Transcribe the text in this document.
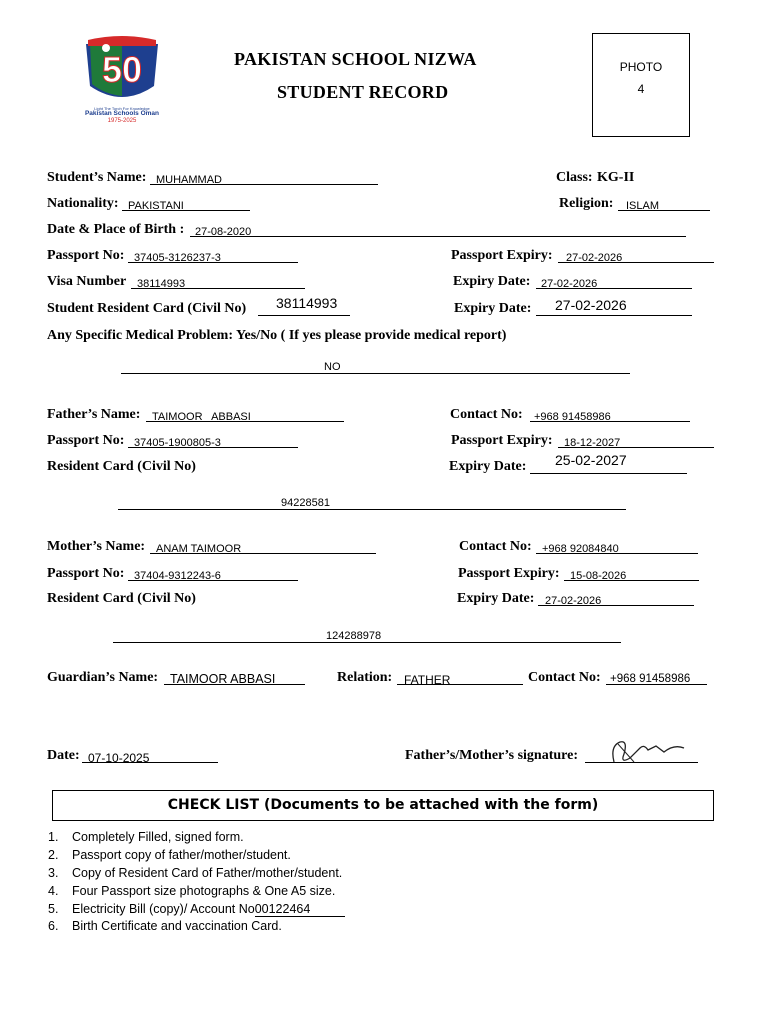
50
Light The Torch For Knowledge
Pakistan Schools Oman
1975-2025
PAKISTAN SCHOOL NIZWA
STUDENT RECORD
PHOTO
4
Student’s Name: MUHAMMAD	Class: KG-II
Nationality: PAKISTANI	Religion: ISLAM
Date & Place of Birth : 27-08-2020
Passport No: 37405-3126237-3	Passport Expiry: 27-02-2026
Visa Number 38114993	Expiry Date: 27-02-2026
Student Resident Card (Civil No) 38114993	Expiry Date: 27-02-2026
Any Specific Medical Problem: Yes/No ( If yes please provide medical report)
NO
Father’s Name: TAIMOOR   ABBASI	Contact No: +968 91458986
Passport No: 37405-1900805-3	Passport Expiry: 18-12-2027
Resident Card (Civil No)	Expiry Date: 25-02-2027
94228581
Mother’s Name: ANAM TAIMOOR	Contact No: +968 92084840
Passport No: 37404-9312243-6	Passport Expiry: 15-08-2026
Resident Card (Civil No)	Expiry Date: 27-02-2026
124288978
Guardian’s Name: TAIMOOR ABBASI	Relation: FATHER	Contact No: +968 91458986
Date: 07-10-2025	Father’s/Mother’s signature:
CHECK LIST (Documents to be attached with the form)
1. Completely Filled, signed form.
2. Passport copy of father/mother/student.
3. Copy of Resident Card of Father/mother/student.
4. Four Passport size photographs & One A5 size.
5. Electricity Bill (copy)/ Account No00122464
6. Birth Certificate and vaccination Card.
